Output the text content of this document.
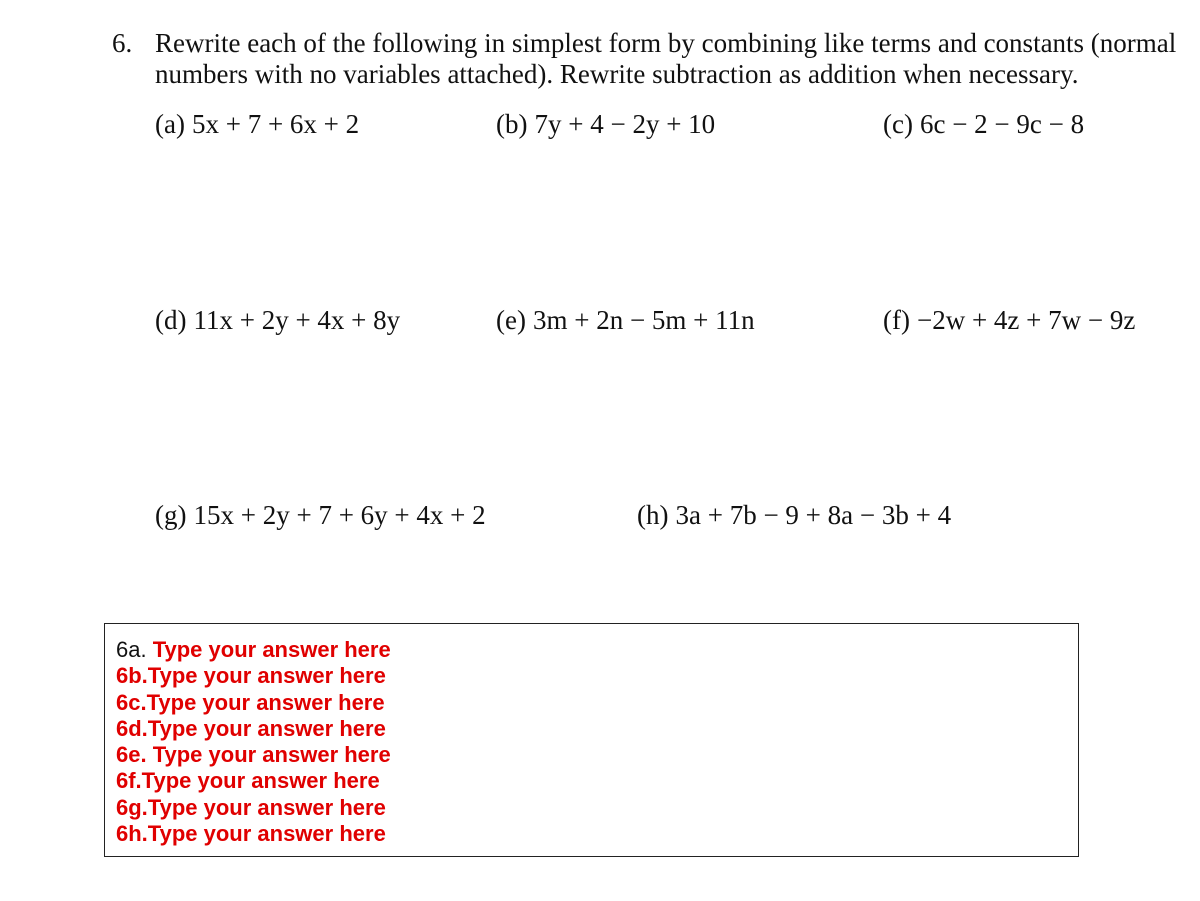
6. Rewrite each of the following in simplest form by combining like terms and constants (normal numbers with no variables attached). Rewrite subtraction as addition when necessary.
(a) 5x + 7 + 6x + 2	(b) 7y + 4 − 2y + 10	(c) 6c − 2 − 9c − 8
(d) 11x + 2y + 4x + 8y	(e) 3m + 2n − 5m + 11n	(f) −2w + 4z + 7w − 9z
(g) 15x + 2y + 7 + 6y + 4x + 2	(h) 3a + 7b − 9 + 8a − 3b + 4
6a. Type your answer here
6b.Type your answer here
6c.Type your answer here
6d.Type your answer here
6e. Type your answer here
6f.Type your answer here
6g.Type your answer here
6h.Type your answer here
